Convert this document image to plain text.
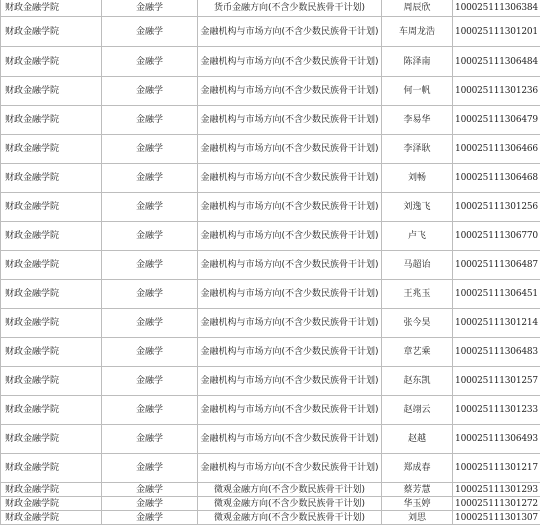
财政金融学院	金融学	货币金融方向(不含少数民族骨干计划)	周辰欣	100025111306384
财政金融学院	金融学	金融机构与市场方向(不含少数民族骨干计划)	车周龙浩	100025111301201
财政金融学院	金融学	金融机构与市场方向(不含少数民族骨干计划)	陈泽南	100025111306484
财政金融学院	金融学	金融机构与市场方向(不含少数民族骨干计划)	何一帆	100025111301236
财政金融学院	金融学	金融机构与市场方向(不含少数民族骨干计划)	李易华	100025111306479
财政金融学院	金融学	金融机构与市场方向(不含少数民族骨干计划)	李泽耿	100025111306466
财政金融学院	金融学	金融机构与市场方向(不含少数民族骨干计划)	刘畅	100025111306468
财政金融学院	金融学	金融机构与市场方向(不含少数民族骨干计划)	刘逸飞	100025111301256
财政金融学院	金融学	金融机构与市场方向(不含少数民族骨干计划)	卢飞	100025111306770
财政金融学院	金融学	金融机构与市场方向(不含少数民族骨干计划)	马超诒	100025111306487
财政金融学院	金融学	金融机构与市场方向(不含少数民族骨干计划)	王兆玉	100025111306451
财政金融学院	金融学	金融机构与市场方向(不含少数民族骨干计划)	张今昊	100025111301214
财政金融学院	金融学	金融机构与市场方向(不含少数民族骨干计划)	章艺乘	100025111306483
财政金融学院	金融学	金融机构与市场方向(不含少数民族骨干计划)	赵东凯	100025111301257
财政金融学院	金融学	金融机构与市场方向(不含少数民族骨干计划)	赵翊云	100025111301233
财政金融学院	金融学	金融机构与市场方向(不含少数民族骨干计划)	赵越	100025111306493
财政金融学院	金融学	金融机构与市场方向(不含少数民族骨干计划)	郑成春	100025111301217
财政金融学院	金融学	微观金融方向(不含少数民族骨干计划)	蔡芳慧	100025111301293
财政金融学院	金融学	微观金融方向(不含少数民族骨干计划)	华玉婷	100025111301272
财政金融学院	金融学	微观金融方向(不含少数民族骨干计划)	刘思	100025111301307
